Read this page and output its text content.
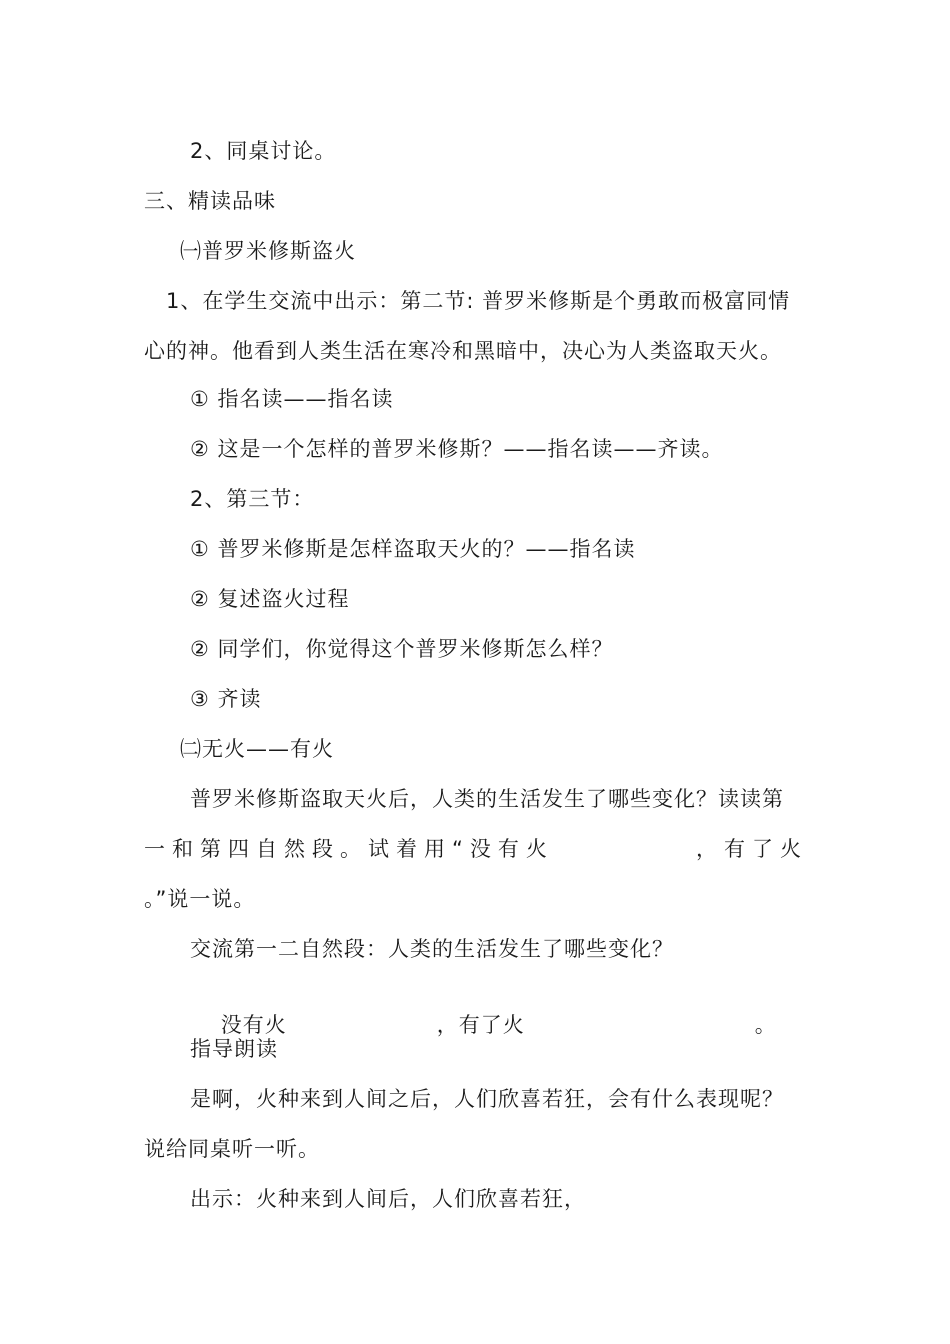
2、同桌讨论。
三、精读品味
㈠普罗米修斯盗火
1、在学生交流中出示：第二节: 普罗米修斯是个勇敢而极富同情
心的神。他看到人类生活在寒冷和黑暗中，决心为人类盗取天火。
① 指名读——指名读
② 这是一个怎样的普罗米修斯？——指名读——齐读。
2、第三节：
① 普罗米修斯是怎样盗取天火的？——指名读
② 复述盗火过程
② 同学们，你觉得这个普罗米修斯怎么样？
③ 齐读
㈡无火——有火
普罗米修斯盗取天火后，人类的生活发生了哪些变化？读读第
一和第四自然段。试着用“没有火	，有了火
。”说一说。
交流第一二自然段：人类的生活发生了哪些变化？

没有火	，有了火	。

指导朗读
是啊，火种来到人间之后，人们欣喜若狂，会有什么表现呢？
说给同桌听一听。
出示：火种来到人间后，人们欣喜若狂，
